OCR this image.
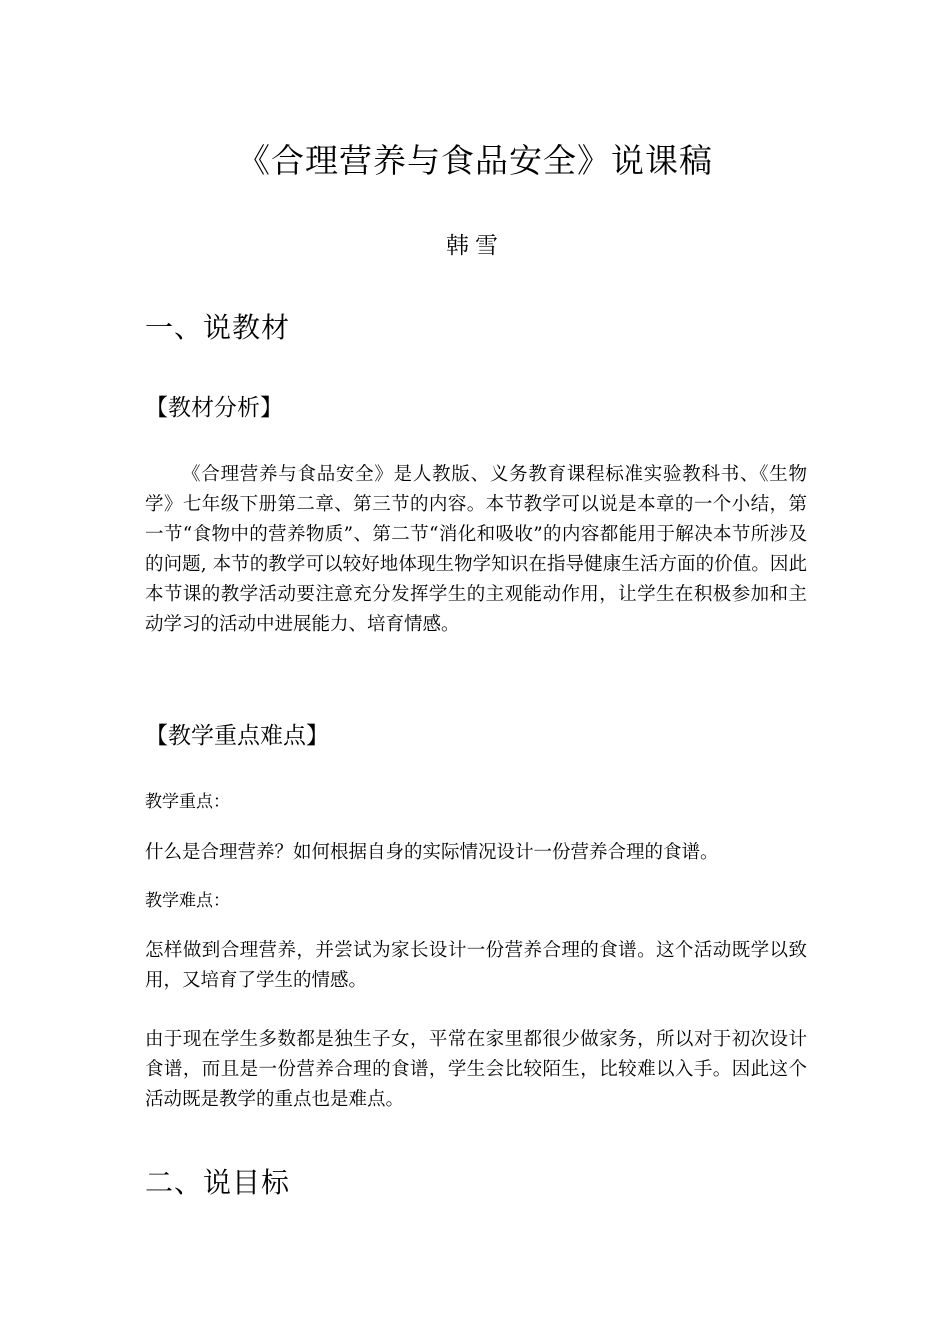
《合理营养与食品安全》说课稿
韩雪
一、说教材
【教材分析】

《合理营养与食品安全》是人教版、义务教育课程标准实验教科书、《生物学》七年级下册第二章、第三节的内容。本节教学可以说是本章的一个小结，第一节“食物中的营养物质”、第二节“消化和吸收”的内容都能用于解决本节所涉及的问题, 本节的教学可以较好地体现生物学知识在指导健康生活方面的价值。因此本节课的教学活动要注意充分发挥学生的主观能动作用，让学生在积极参加和主动学习的活动中进展能力、培育情感。

【教学重点难点】
教学重点：

什么是合理营养？如何根据自身的实际情况设计一份营养合理的食谱。

教学难点：

怎样做到合理营养，并尝试为家长设计一份营养合理的食谱。这个活动既学以致用，又培育了学生的情感。

由于现在学生多数都是独生子女，平常在家里都很少做家务，所以对于初次设计食谱，而且是一份营养合理的食谱，学生会比较陌生，比较难以入手。因此这个活动既是教学的重点也是难点。

二、说目标
